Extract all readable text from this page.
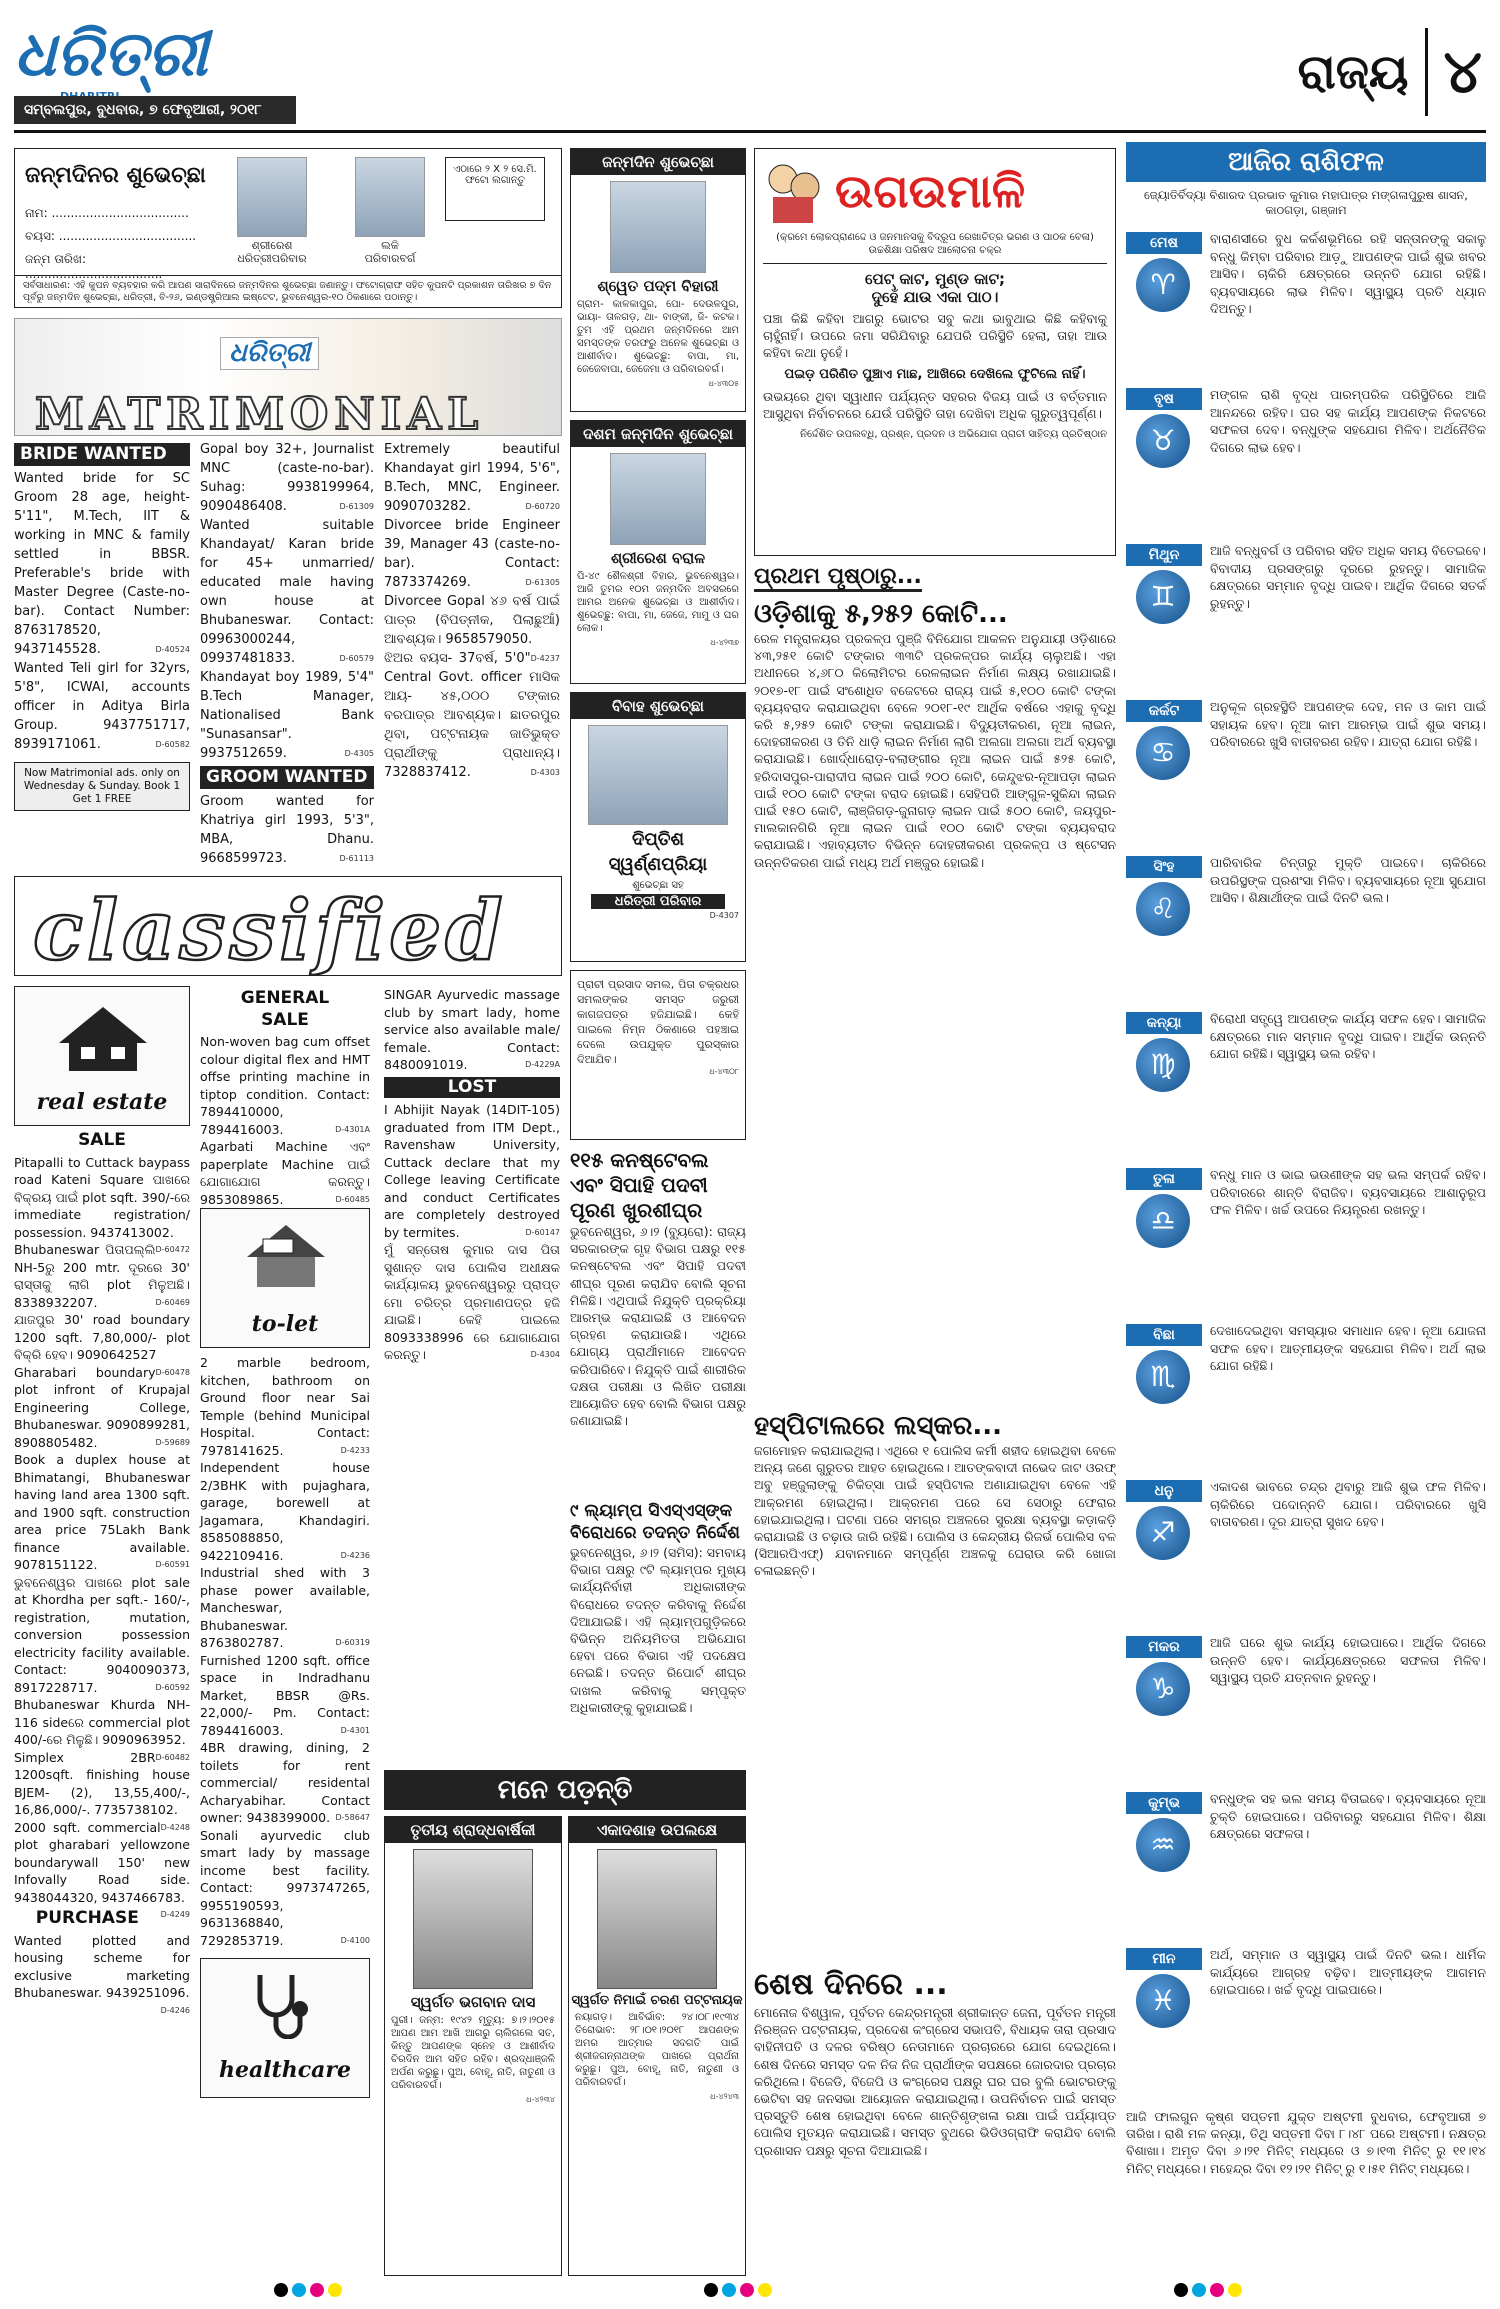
ଧରିତ୍ରୀ	ରାଜ୍ୟ ୪
ସମ୍ବଲପୁର, ବୁଧବାର, ୭ ଫେବୃଆରୀ, ୨୦୧୮
ଜନ୍ମଦିନର ଶୁଭେଚ୍ଛା
ନାମ: ....................................
ବୟସ: ....................................
ଜନ୍ମ ତାରିଖ: ....................................
ଶ୍ରୀରେଶ ଧରିତ୍ରୀପରିବାର
ଲକି ପରିବାରବର୍ଗ
ଏଠାରେ ୨ X ୨ ସେ.ମି. ଫଟୋ ଲଗାନ୍ତୁ
ସର୍ବସାଧାରଣ: ଏହି କୁପନ ବ୍ୟବହାର କରି ଆପଣ ସାରାଦିନରେ ଜନ୍ମଦିନର ଶୁଭେଚ୍ଛା ଜଣାନ୍ତୁ। ଫଟୋଗ୍ରାଫ ସହିତ କୁପନଟି ପ୍ରକାଶନ ତାରିଖର ୭ ଦିନ ପୂର୍ବରୁ ଜନ୍ମଦିନ ଶୁଭେଚ୍ଛା, ଧରିତ୍ରୀ, ବି-୨୬, ଇଣ୍ଡଷ୍ଟ୍ରିଆଲ ଇଷ୍ଟେଟ, ଭୁବନେଶ୍ୱର-୧୦ ଠିକଣାରେ ପଠାନ୍ତୁ।
ଧରିତ୍ରୀ
MATRIMONIAL
BRIDE WANTED
Wanted bride for SC Groom 28 age, height-5'11", M.Tech, IIT & working in MNC & family settled in BBSR. Preferable's bride with Master Degree (Caste-no-bar). Contact Number: 8763178520, 9437145528.	D-40524
Wanted Teli girl for 32yrs, 5'8", ICWAI, accounts officer in Aditya Birla Group. 9437751717, 8939171061.	D-60582
Now Matrimonial ads. only on Wednesday & Sunday. Book 1 Get 1 FREE
Gopal boy 32+, Journalist MNC (caste-no-bar). Suhag: 9938199964, 9090486408.	D-61309
Wanted suitable Khandayat/ Karan bride for 45+ unmarried/ educated male having own house at Bhubaneswar. Contact: 09963000244, 09937481833.	D-60579
Khandayat boy 1989, 5'4" B.Tech Manager, Nationalised Bank "Sunasansar". 9937512659.	D-4305
GROOM WANTED
Groom wanted for Khatriya girl 1993, 5'3", MBA, Dhanu. 9668599723.	D-61113
Extremely beautiful Khandayat girl 1994, 5'6", B.Tech, MNC, Engineer. 9090703282.	D-60720
Divorcee bride Engineer 39, Manager 43 (caste-no-bar). Contact: 7873374269.	D-61305
Divorcee Gopal ୪୬ ବର୍ଷ ପାଇଁ ପାତ୍ର (ବିପତ୍ନୀକ, ପିଲାଛୁଆଁ) ଆବଶ୍ୟକ। 9658579050.
D-4237
ଝିଅର ବୟସ- 37ବର୍ଷ, 5'0" Central Govt. officer ମାସିକ ଆୟ- ୪୫,୦୦୦ ଟଙ୍କାର ବରପାତ୍ର ଆବଶ୍ୟକ। ଛାତରପୁର ଥିବା, ପଟ୍ଟନାୟକ ଜାତିଭୁକ୍ତ ପ୍ରାର୍ଥୀଙ୍କୁ ପ୍ରାଧାନ୍ୟ। 7328837412.	D-4303
classified
real estate
SALE
Pitapalli to Cuttack baypass road Kateni Square ପାଖରେ ବିକ୍ରୟ ପାଇଁ plot sqft. 390/-ରେ immediate registration/ possession. 9437413002.
D-60472
Bhubaneswar ପିତାପଲ୍ଲି NH-5ରୁ 200 mtr. ଦୂରରେ 30' ରାସ୍ତାକୁ ଲାଗି plot ମିଳୁଅଛି। 8338932207.	D-60469
ଯାଜପୁର 30' road boundary 1200 sqft. 7,80,000/- plot ବିକ୍ରି ହେବ। 9090642527
D-60478
Gharabari boundary plot infront of Krupajal Engineering College, Bhubaneswar. 9090899281, 8908805482.	D-59689
Book a duplex house at Bhimatangi, Bhubaneswar having land area 1300 sqft. and 1900 sqft. construction area price 75Lakh Bank finance available. 9078151122.	D-60591
ଭୁବନେଶ୍ୱର ପାଖରେ plot sale at Khordha per sqft.- 160/-, registration, mutation, conversion possession electricity facility available. Contact: 9040090373, 8917228717.	D-60592
Bhubaneswar Khurda NH-116 sideରେ commercial plot 400/-ରେ ମିଳୁଛି। 9090963952.
D-60482
Simplex 2BR 1200sqft. finishing house BJEM- (2), 13,55,400/-, 16,86,000/-. 7735738102.
D-4248
2000 sqft. commercial plot gharabari yellowzone boundarywall 150' new Infovally Road side. 9438044320, 9437466783.
D-4249
PURCHASE
Wanted plotted and housing scheme for exclusive marketing Bhubaneswar. 9439251096.
D-4246
GENERAL
SALE
Non-woven bag cum offset colour digital flex and HMT offse printing machine in tiptop condition. Contact: 7894410000, 7894416003.	D-4301A
Agarbati Machine ଏବଂ paperplate Machine ପାଇଁ ଯୋଗାଯୋଗ କରନ୍ତୁ। 9853089865.	D-60485
to-let
2 marble bedroom, kitchen, bathroom on Ground floor near Sai Temple (behind Municipal Hospital. Contact: 7978141625.	D-4233
Independent house 2/3BHK with pujaghara, garage, borewell at Jagamara, Khandagiri. 8585088850, 9422109416.	D-4236
Industrial shed with 3 phase power available, Mancheswar, Bhubaneswar. 8763802787.	D-60319
Furnished 1200 sqft. office space in Indradhanu Market, BBSR @Rs. 22,000/- Pm. Contact: 7894416003.	D-4301
4BR drawing, dining, 2 toilets for rent commercial/ residental Acharyabihar. Contact owner: 9438399000. D-58647
Sonali ayurvedic club smart lady by massage income best facility. Contact: 9973747265, 9955190593, 9631368840, 7292853719.	D-4100
SINGAR Ayurvedic massage club by smart lady, home service also available male/ female. Contact: 8480091019.	D-4229A
LOST
I Abhijit Nayak (14DIT-105) graduated from ITM Dept., Ravenshaw University, Cuttack declare that my College leaving Certificate and conduct Certificates are completely destroyed by termites.	D-60147
ମୁଁ ସନ୍ତୋଷ କୁମାର ଦାସ ପିତା ସୁଶାନ୍ତ ଦାସ ପୋଲିସ ଅଧୀକ୍ଷକ କାର୍ଯ୍ୟାଳୟ ଭୁବନେଶ୍ୱରରୁ ପ୍ରାପ୍ତ ମୋ ଚରିତ୍ର ପ୍ରମାଣପତ୍ର ହଜି ଯାଇଛି। କେହି ପାଇଲେ 8093338996 ରେ ଯୋଗାଯୋଗ କରନ୍ତୁ।	D-4304
ଜନ୍ମଦିନ ଶୁଭେଚ୍ଛା
ଶ୍ୱେତ ପଦ୍ମ ବିହାରୀ
ଗ୍ରାମ- କାଳକାପୁର, ପୋ- ଦେଉଳପୁର, ଭାୟା- ତାଳଗଡ଼, ଥା- ବାଙ୍କୀ, ଜି- କଟକ। ତୁମ ଏହି ପ୍ରଥମ ଜନ୍ମଦିନରେ ଆମ ସମସ୍ତଙ୍କ ତରଫରୁ ଅନେକ ଶୁଭେଚ୍ଛା ଓ ଆଶୀର୍ବାଦ। ଶୁଭେଚ୍ଛୁ: ବାପା, ମା, ଜେଜେବାପା, ଜେଜେମା ଓ ପରିବାରବର୍ଗ।
ଧ-୪୩୦୫
ଦଶମ ଜନ୍ମଦିନ ଶୁଭେଚ୍ଛା
ଶ୍ରୀରେଶ ବରାଳ
ପି-୪୯ ଶୈଳଶ୍ରୀ ବିହାର, ଭୁବନେଶ୍ୱର। ଆଜି ତୁମର ୧୦ମ ଜନ୍ମଦିନ ଅବସରରେ ଆମର ଅନେକ ଶୁଭେଚ୍ଛା ଓ ଆଶୀର୍ବାଦ। ଶୁଭେଚ୍ଛୁ: ବାପା, ମା, ଜେଜେ, ମାମୁ ଓ ଘର ଲୋକ।
ଧ-୪୨୩୭
ବିବାହ ଶୁଭେଚ୍ଛା
ଦିପ୍ତିଶ
ସ୍ୱର୍ଣ୍ଣପ୍ରିୟା
ଶୁଭେଚ୍ଛା ସହ
ଧରିତ୍ରୀ ପରିବାର
D-4307
ପ୍ରାଚୀ ପ୍ରସାଦ ସମଲ, ପିତା ଚକ୍ରଧର ସମଲଙ୍କର ସମସ୍ତ ଜରୁରୀ କାଗଜପତ୍ର ହଜିଯାଇଛି। କେହି ପାଇଲେ ନିମ୍ନ ଠିକଣାରେ ପହଞ୍ଚାଇ ଦେଲେ ଉପଯୁକ୍ତ ପୁରସ୍କାର ଦିଆଯିବ।
ଧ-୪୩୦୮
ଉଗଉମାଳି
(କ୍ରମେ ଲୋକପ୍ରାଣଦ୍ଦେ ଓ ଜନମାନସକୁ ବିଦ୍ରୂପ ରେଖାଚିତ୍ର ଭରଣ ଓ ପାଠକ ବେଳା)
ଉଚ୍ଚଶିକ୍ଷା ପରିଷଦ ଆଲୋଚନା ଚକ୍ର
ପେଟ୍ କାଟ, ମୁଣ୍ଡ କାଟ;
ଦୁହେଁ ଯାଉ ଏକା ପାଠ।
ପଞ୍ଚା କିଛି କହିବା ଆଗରୁ ଭୋଟର ସବୁ କଥା ଭାବୁଥାଇ କିଛି କହିବାକୁ ଚାହୁଁନାହିଁ। ଉପରେ ଜମା ସରିଯିବାରୁ ଯେପରି ପରିସ୍ଥିତି ହେଲା, ତାହା ଆଉ କହିବା କଥା ନୁହେଁ।
ପଇଡ଼ ପରିଣିତ ପୁଞ୍ଚାଏ ମାଛ, ଆଖିରେ ଦେଖିଲେ ଫୁଟିଲେ ନାହିଁ।
ଉଭୟରେ ଥିବା ସ୍ୱାଧୀନ ପର୍ଯ୍ୟନ୍ତ ସହରର ବିଜୟ ପାଇଁ ଓ ବର୍ତ୍ତମାନ ଆସୁଥିବା ନିର୍ବାଚନରେ ଯେଉଁ ପରିସ୍ଥିତି ତାହା ଦେଖିବା ଅଧିକ ଗୁରୁତ୍ୱପୂର୍ଣ୍ଣ।
ନିର୍ଦ୍ଦେଶିତ ଉପଲବ୍ଧି, ପ୍ରଶ୍ନ, ପ୍ରଦନ ଓ ଅଭିଯୋଗ ପ୍ରାଚୀ ସାହିତ୍ୟ ପ୍ରତିଷ୍ଠାନ
ପ୍ରଥମ ପୃଷ୍ଠାରୁ...
ଓଡ଼ିଶାକୁ ୫,୨୫୨ କୋଟି...
ରେଳ ମନ୍ତ୍ରାଳୟର ପ୍ରକଳ୍ପ ପୁଞ୍ଜି ବିନିଯୋଗ ଆକଳନ ଅନୁଯାୟୀ ଓଡ଼ିଶାରେ ୪୩,୨୫୧ କୋଟି ଟଙ୍କାର ୩୩ଟି ପ୍ରକଳ୍ପର କାର୍ଯ୍ୟ ଚାଲୁଅଛି। ଏହା ଅଧୀନରେ ୪,୬୮୦ କିଲୋମିଟର ରେଳଲାଇନ ନିର୍ମାଣ ଲକ୍ଷ୍ୟ ରଖାଯାଇଛି। ୨୦୧୭-୧୮ ପାଇଁ ସଂଶୋଧିତ ବଜେଟରେ ରାଜ୍ୟ ପାଇଁ ୫,୧୦୦ କୋଟି ଟଙ୍କା ବ୍ୟୟବରାଦ କରାଯାଇଥିବା ବେଳେ ୨୦୧୮-୧୯ ଆର୍ଥିକ ବର୍ଷରେ ଏହାକୁ ବୃଦ୍ଧି କରି ୫,୨୫୨ କୋଟି ଟଙ୍କା କରାଯାଇଛି। ବିଦ୍ୟୁତୀକରଣ, ନୂଆ ଲାଇନ, ଦୋହରୀକରଣ ଓ ତିନି ଧାଡ଼ି ଲାଇନ ନିର୍ମାଣ ଲାଗି ଅଲଗା ଅଲଗା ଅର୍ଥ ବ୍ୟବସ୍ଥା କରାଯାଇଛି। ଖୋର୍ଦ୍ଧାରୋଡ଼-ବଲାଙ୍ଗୀର ନୂଆ ଲାଇନ ପାଇଁ ୫୨୫ କୋଟି, ହରିଦାସପୁର-ପାରାଦୀପ ଲାଇନ ପାଇଁ ୨୦୦ କୋଟି, କେନ୍ଦୁଝର-ନୂଆପଡ଼ା ଲାଇନ ପାଇଁ ୧୦୦ କୋଟି ଟଙ୍କା ବରାଦ ହୋଇଛି। ସେହିପରି ଆଙ୍ଗୁଳ-ସୁକିନ୍ଦା ଲାଇନ ପାଇଁ ୧୫୦ କୋଟି, ଲାଞ୍ଜିଗଡ଼-ଜୁନାଗଡ଼ ଲାଇନ ପାଇଁ ୫୦୦ କୋଟି, ଜୟପୁର-ମାଲକାନଗିରି ନୂଆ ଲାଇନ ପାଇଁ ୧୦୦ କୋଟି ଟଙ୍କା ବ୍ୟୟବରାଦ କରାଯାଇଛି। ଏହାବ୍ୟତୀତ ବିଭିନ୍ନ ଦୋହରୀକରଣ ପ୍ରକଳ୍ପ ଓ ଷ୍ଟେସନ ଉନ୍ନତିକରଣ ପାଇଁ ମଧ୍ୟ ଅର୍ଥ ମଞ୍ଜୁର ହୋଇଛି।
୧୧୫ କନଷ୍ଟେବଲ ଏବଂ ସିପାହି ପଦବୀ ପୂରଣ ଖୁରଶୀଘ୍ର
ଭୁବନେଶ୍ୱର, ୬।୨ (ବ୍ୟୁରୋ): ରାଜ୍ୟ ସରକାରଙ୍କ ଗୃହ ବିଭାଗ ପକ୍ଷରୁ ୧୧୫ କନଷ୍ଟେବଲ ଏବଂ ସିପାହି ପଦବୀ ଶୀଘ୍ର ପୂରଣ କରାଯିବ ବୋଲି ସୂଚନା ମିଳିଛି। ଏଥିପାଇଁ ନିଯୁକ୍ତି ପ୍ରକ୍ରିୟା ଆରମ୍ଭ କରାଯାଇଛି ଓ ଆବେଦନ ଗ୍ରହଣ କରାଯାଉଛି। ଏଥିରେ ଯୋଗ୍ୟ ପ୍ରାର୍ଥୀମାନେ ଆବେଦନ କରିପାରିବେ। ନିଯୁକ୍ତି ପାଇଁ ଶାରୀରିକ ଦକ୍ଷତା ପରୀକ୍ଷା ଓ ଲିଖିତ ପରୀକ୍ଷା ଆୟୋଜିତ ହେବ ବୋଲି ବିଭାଗ ପକ୍ଷରୁ ଜଣାଯାଇଛି।
୯ ଲ୍ୟାମ୍ପ ସିଏସ୍ଏସ୍‌ଙ୍କ ବିରୋଧରେ ତଦନ୍ତ ନିର୍ଦ୍ଦେଶ
ଭୁବନେଶ୍ୱର, ୬।୨ (ସମିସ): ସମବାୟ ବିଭାଗ ପକ୍ଷରୁ ୯ଟି ଲ୍ୟାମ୍ପର ମୁଖ୍ୟ କାର୍ଯ୍ୟନିର୍ବାହୀ ଅଧିକାରୀଙ୍କ ବିରୋଧରେ ତଦନ୍ତ କରିବାକୁ ନିର୍ଦ୍ଦେଶ ଦିଆଯାଇଛି। ଏହି ଲ୍ୟାମ୍ପଗୁଡ଼ିକରେ ବିଭିନ୍ନ ଅନିୟମିତତା ଅଭିଯୋଗ ହେବା ପରେ ବିଭାଗ ଏହି ପଦକ୍ଷେପ ନେଇଛି। ତଦନ୍ତ ରିପୋର୍ଟ ଶୀଘ୍ର ଦାଖଲ କରିବାକୁ ସମ୍ପୃକ୍ତ ଅଧିକାରୀଙ୍କୁ କୁହାଯାଇଛି।
ହସ୍ପିଟାଲରେ ଲସ୍କର...
ଜଗମୋହନ କରାଯାଇଥିଲା। ଏଥିରେ ୧ ପୋଲିସ କର୍ମୀ ଶହୀଦ ହୋଇଥିବା ବେଳେ ଅନ୍ୟ ଜଣେ ଗୁରୁତର ଆହତ ହୋଇଥିଲେ। ଆତଙ୍କବାଦୀ ନାଭେଦ ଜାଟ ଓରଫ୍ ଅବୁ ହଞ୍ଜୁଲାଙ୍କୁ ଚିକିତ୍ସା ପାଇଁ ହସ୍ପିଟାଲ ଅଣାଯାଇଥିବା ବେଳେ ଏହି ଆକ୍ରମଣ ହୋଇଥିଲା। ଆକ୍ରମଣ ପରେ ସେ ସେଠାରୁ ଫେରାର ହୋଇଯାଇଥିଲା। ଘଟଣା ପରେ ସମଗ୍ର ଅଞ୍ଚଳରେ ସୁରକ୍ଷା ବ୍ୟବସ୍ଥା କଡ଼ାକଡ଼ି କରାଯାଇଛି ଓ ଚଢ଼ାଉ ଜାରି ରହିଛି। ପୋଲିସ ଓ କେନ୍ଦ୍ରୀୟ ରିଜର୍ଭ ପୋଲିସ ବଳ (ସିଆରପିଏଫ୍) ଯବାନମାନେ ସମ୍ପୂର୍ଣ୍ଣ ଅଞ୍ଚଳକୁ ଘେରାଉ କରି ଖୋଜା ଚଳାଇଛନ୍ତି।
ଶେଷ ଦିନରେ ...
ମୋନୋଜ ବିଶ୍ୱାଳ, ପୂର୍ବତନ କେନ୍ଦ୍ରମନ୍ତ୍ରୀ ଶ୍ରୀକାନ୍ତ ଜେନା, ପୂର୍ବତନ ମନ୍ତ୍ରୀ ନିରଞ୍ଜନ ପଟ୍ଟନାୟକ, ପ୍ରଦେଶ କଂଗ୍ରେସ ସଭାପତି, ବିଧାୟକ ତାରା ପ୍ରସାଦ ବାହିନୀପତି ଓ ଦଳର ବରିଷ୍ଠ ନେତାମାନେ ପ୍ରଚାରରେ ଯୋଗ ଦେଇଥିଲେ। ଶେଷ ଦିନରେ ସମସ୍ତ ଦଳ ନିଜ ନିଜ ପ୍ରାର୍ଥୀଙ୍କ ସପକ୍ଷରେ ଜୋରଦାର ପ୍ରଚାର କରିଥିଲେ। ବିଜେଡି, ବିଜେପି ଓ କଂଗ୍ରେସ ପକ୍ଷରୁ ଘର ଘର ବୁଲି ଭୋଟରଙ୍କୁ ଭେଟିବା ସହ ଜନସଭା ଆୟୋଜନ କରାଯାଇଥିଲା। ଉପନିର୍ବାଚନ ପାଇଁ ସମସ୍ତ ପ୍ରସ୍ତୁତି ଶେଷ ହୋଇଥିବା ବେଳେ ଶାନ୍ତିଶୃଙ୍ଖଳା ରକ୍ଷା ପାଇଁ ପର୍ଯ୍ୟାପ୍ତ ପୋଲିସ ମୁତୟନ କରାଯାଇଛି। ସମସ୍ତ ବୁଥରେ ଭିଡିଓଗ୍ରାଫି କରାଯିବ ବୋଲି ପ୍ରଶାସନ ପକ୍ଷରୁ ସୂଚନା ଦିଆଯାଇଛି।
ମନେ ପଡ଼ନ୍ତି
ତୃତୀୟ ଶ୍ରାଦ୍ଧବାର୍ଷିକୀ
ସ୍ୱର୍ଗତ ଭଗବାନ ଦାସ
ପୁରୀ। ଜନ୍ମ: ୧୯୪୨ ମୃତ୍ୟୁ: ୭।୨।୨୦୧୫ ଆପଣ ଆମ ଆଖି ଆଗରୁ ଚାଲିଗଲେ ସତ, କିନ୍ତୁ ଆପଣଙ୍କ ସ୍ନେହ ଓ ଆଶୀର୍ବାଦ ଚିରଦିନ ଆମ ସହିତ ରହିବ। ଶ୍ରଦ୍ଧାଞ୍ଜଳି ଅର୍ପଣ କରୁଛୁ। ପୁଅ, ବୋହୂ, ନାତି, ନାତୁଣୀ ଓ ପରିବାରବର୍ଗ।
ଧ-୪୨୩୪
ଏକାଦଶାହ ଉପଲକ୍ଷେ
ସ୍ୱର୍ଗତ ନିମାଇଁ ଚରଣ ପଟ୍ଟନାୟକ
ନୟାଗଡ଼। ଆବିର୍ଭାବ: ୨୪।୦୮।୧୯୩୪ ତିରୋଭାବ: ୨୮।୦୧।୨୦୧୮ ଆପଣଙ୍କ ଅମର ଆତ୍ମାର ସଦଗତି ପାଇଁ ଶ୍ରୀଜଗନ୍ନାଥଙ୍କ ପାଖରେ ପ୍ରାର୍ଥନା କରୁଛୁ। ପୁଅ, ବୋହୂ, ନାତି, ନାତୁଣୀ ଓ ପରିବାରବର୍ଗ।
ଧ-୪୨୪୩
healthcare
ଆଜିର ରାଶିଫଳ
ଜ୍ୟୋତିର୍ବିଦ୍ୟା ବିଶାରଦ ପ୍ରଭାତ କୁମାର ମହାପାତ୍ର ମଙ୍ଗଳାପୁରୁଷ ଶାସନ, କାଠଗଡ଼ା, ଗଞ୍ଜାମ
ମେଷ
♈
ବାରାଣସୀରେ ବୁଧ କର୍କଶଭୂମିରେ ରହି ସନ୍ତାନଙ୍କୁ ସକାଳୁ ବନ୍ଧୁ କିମ୍ବା ପରିବାର ଆଡ଼ୁ ଆପଣଙ୍କ ପାଇଁ ଶୁଭ ଖବର ଆସିବ। ଚାକିରି କ୍ଷେତ୍ରରେ ଉନ୍ନତି ଯୋଗ ରହିଛି। ବ୍ୟବସାୟରେ ଲାଭ ମିଳିବ। ସ୍ୱାସ୍ଥ୍ୟ ପ୍ରତି ଧ୍ୟାନ ଦିଅନ୍ତୁ।
ବୃଷ
♉
ମଙ୍ଗଳ ରାଶି ବୃଦ୍ଧ ପାରମ୍ପରିକ ପରିସ୍ଥିତିରେ ଆଜି ଆନନ୍ଦରେ ରହିବ। ଘର ସହ କାର୍ଯ୍ୟ ଆପଣଙ୍କ ନିକଟରେ ସଫଳତା ଦେବ। ବନ୍ଧୁଙ୍କ ସହଯୋଗ ମିଳିବ। ଅର୍ଥନୈତିକ ଦିଗରେ ଲାଭ ହେବ।
ମିଥୁନ
♊
ଆଜି ବନ୍ଧୁବର୍ଗ ଓ ପରିବାର ସହିତ ଅଧିକ ସମୟ ବିତେଇବେ। ବିବାଦୀୟ ପ୍ରସଙ୍ଗରୁ ଦୂରରେ ରୁହନ୍ତୁ। ସାମାଜିକ କ୍ଷେତ୍ରରେ ସମ୍ମାନ ବୃଦ୍ଧି ପାଇବ। ଆର୍ଥିକ ଦିଗରେ ସତର୍କ ରୁହନ୍ତୁ।
କର୍କଟ
♋
ଅନୁକୂଳ ଗ୍ରହସ୍ଥିତି ଆପଣଙ୍କ ଦେହ, ମନ ଓ କାମ ପାଇଁ ସହାୟକ ହେବ। ନୂଆ କାମ ଆରମ୍ଭ ପାଇଁ ଶୁଭ ସମୟ। ପରିବାରରେ ଖୁସି ବାତାବରଣ ରହିବ। ଯାତ୍ରା ଯୋଗ ରହିଛି।
ସିଂହ
♌
ପାରିବାରିକ ଚିନ୍ତାରୁ ମୁକ୍ତି ପାଇବେ। ଚାକିରିରେ ଉପରିସ୍ଥଙ୍କ ପ୍ରଶଂସା ମିଳିବ। ବ୍ୟବସାୟରେ ନୂଆ ସୁଯୋଗ ଆସିବ। ଶିକ୍ଷାର୍ଥୀଙ୍କ ପାଇଁ ଦିନଟି ଭଲ।
କନ୍ୟା
♍
ବିରୋଧୀ ସତ୍ତ୍ୱେ ଆପଣଙ୍କ କାର୍ଯ୍ୟ ସଫଳ ହେବ। ସାମାଜିକ କ୍ଷେତ୍ରରେ ମାନ ସମ୍ମାନ ବୃଦ୍ଧି ପାଇବ। ଆର୍ଥିକ ଉନ୍ନତି ଯୋଗ ରହିଛି। ସ୍ୱାସ୍ଥ୍ୟ ଭଲ ରହିବ।
ତୁଳା
♎
ବନ୍ଧୁ ମାନ ଓ ଭାଇ ଭଉଣୀଙ୍କ ସହ ଭଲ ସମ୍ପର୍କ ରହିବ। ପରିବାରରେ ଶାନ୍ତି ବିରାଜିବ। ବ୍ୟବସାୟରେ ଆଶାନୁରୂପ ଫଳ ମିଳିବ। ଖର୍ଚ୍ଚ ଉପରେ ନିୟନ୍ତ୍ରଣ ରଖନ୍ତୁ।
ବିଛା
♏
ଦେଖାଦେଇଥିବା ସମସ୍ୟାର ସମାଧାନ ହେବ। ନୂଆ ଯୋଜନା ସଫଳ ହେବ। ଆତ୍ମୀୟଙ୍କ ସହଯୋଗ ମିଳିବ। ଅର୍ଥ ଲାଭ ଯୋଗ ରହିଛି।
ଧନୁ
♐
ଏକାଦଶ ଭାବରେ ଚନ୍ଦ୍ର ଥିବାରୁ ଆଜି ଶୁଭ ଫଳ ମିଳିବ। ଚାକିରିରେ ପଦୋନ୍ନତି ଯୋଗ। ପରିବାରରେ ଖୁସି ବାତାବରଣ। ଦୂର ଯାତ୍ରା ସୁଖଦ ହେବ।
ମକର
♑
ଆଜି ଘରେ ଶୁଭ କାର୍ଯ୍ୟ ହୋଇପାରେ। ଆର୍ଥିକ ଦିଗରେ ଉନ୍ନତି ହେବ। କାର୍ଯ୍ୟକ୍ଷେତ୍ରରେ ସଫଳତା ମିଳିବ। ସ୍ୱାସ୍ଥ୍ୟ ପ୍ରତି ଯତ୍ନବାନ ରୁହନ୍ତୁ।
କୁମ୍ଭ
♒
ବନ୍ଧୁଙ୍କ ସହ ଭଲ ସମୟ ବିତାଇବେ। ବ୍ୟବସାୟରେ ନୂଆ ଚୁକ୍ତି ହୋଇପାରେ। ପରିବାରରୁ ସହଯୋଗ ମିଳିବ। ଶିକ୍ଷା କ୍ଷେତ୍ରରେ ସଫଳତା।
ମୀନ
♓
ଅର୍ଥ, ସମ୍ମାନ ଓ ସ୍ୱାସ୍ଥ୍ୟ ପାଇଁ ଦିନଟି ଭଲ। ଧାର୍ମିକ କାର୍ଯ୍ୟରେ ଆଗ୍ରହ ବଢ଼ିବ। ଆତ୍ମୀୟଙ୍କ ଆଗମନ ହୋଇପାରେ। ଖର୍ଚ୍ଚ ବୃଦ୍ଧି ପାଇପାରେ।
ଆଜି ଫାଲଗୁନ କୃଷ୍ଣ ସପ୍ତମୀ ଯୁକ୍ତ ଅଷ୍ଟମୀ ବୁଧବାର, ଫେବୃଆରୀ ୭ ତାରିଖ। ରାଶି ମଳ କନ୍ୟା, ତିଥି ସପ୍ତମୀ ଦିବା ୮।୪୮ ପରେ ଅଷ୍ଟମୀ। ନକ୍ଷତ୍ର ବିଶାଖା। ଅମୃତ ଦିବା ୬।୨୧ ମିନିଟ୍ ମଧ୍ୟରେ ଓ ୭।୧୩ ମିନିଟ୍ ରୁ ୧୧।୧୪ ମିନିଟ୍ ମଧ୍ୟରେ। ମହେନ୍ଦ୍ର ଦିବା ୧୨।୨୧ ମିନିଟ୍ ରୁ ୧।୫୧ ମିନିଟ୍ ମଧ୍ୟରେ।
